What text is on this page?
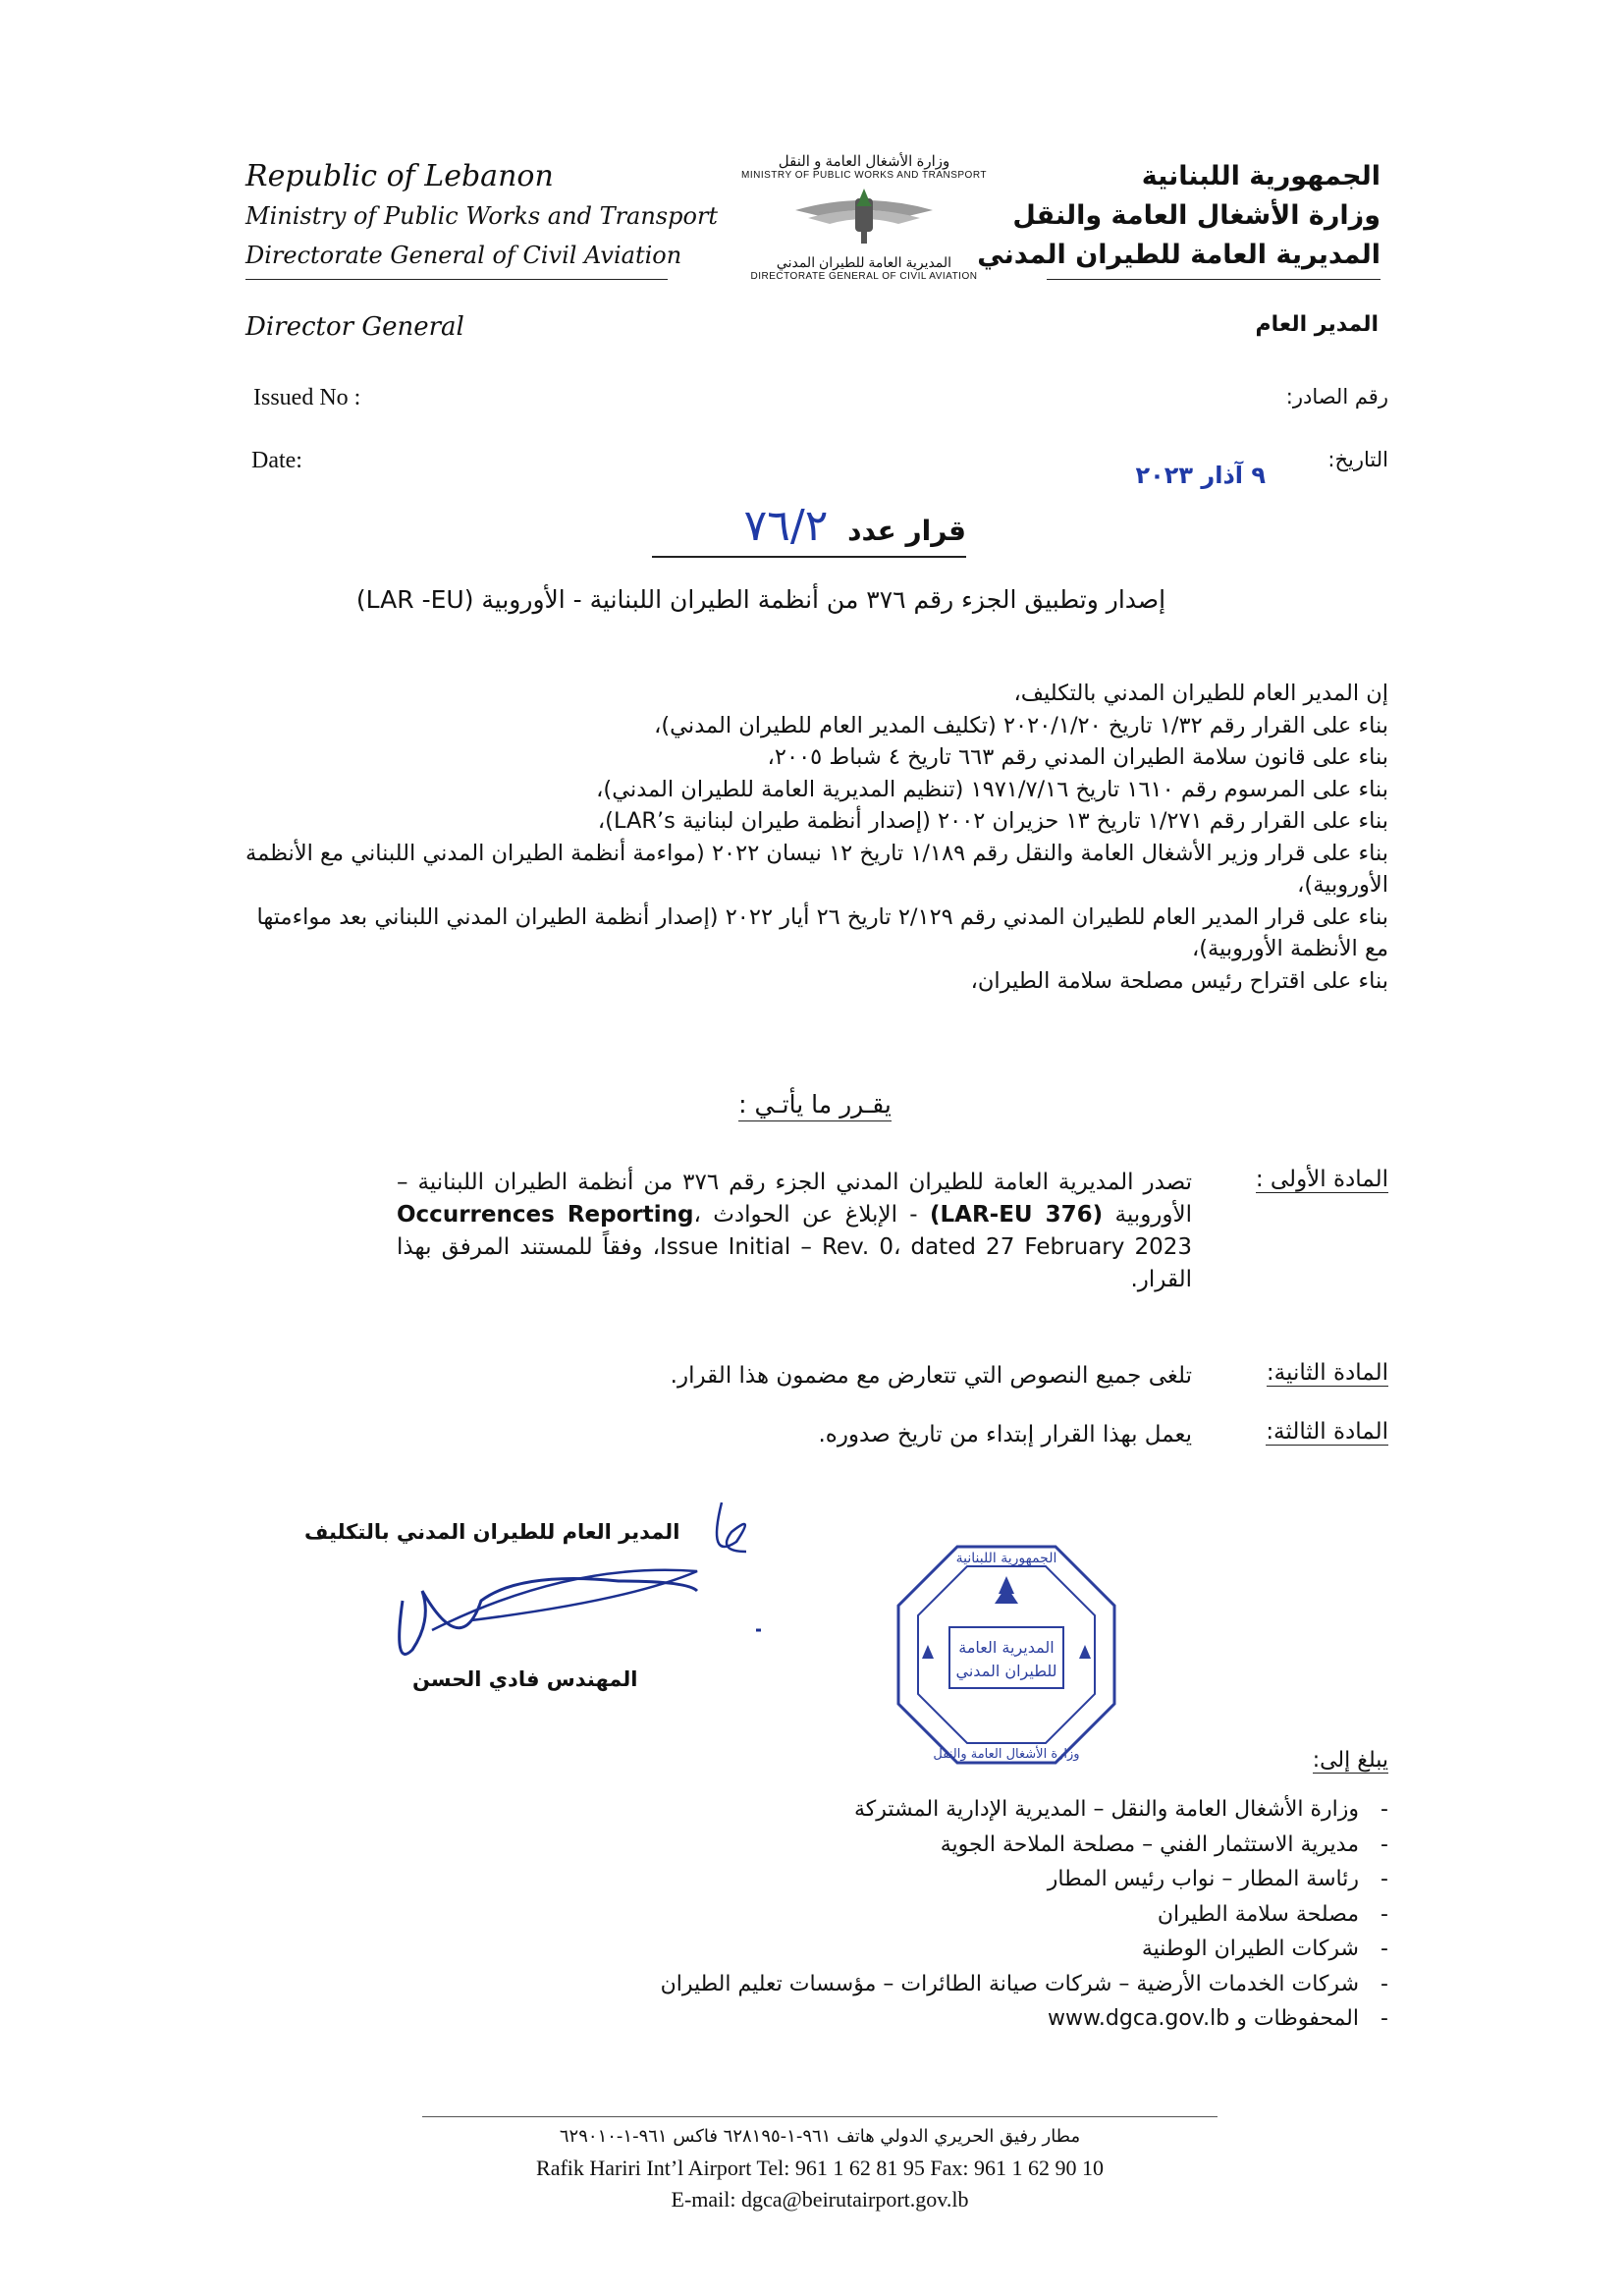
Republic of Lebanon
Ministry of Public Works and Transport
Directorate General of Civil Aviation
وزارة الأشغال العامة و النقل
MINISTRY OF PUBLIC WORKS AND TRANSPORT
المديرية العامة للطيران المدني
DIRECTORATE GENERAL OF CIVIL AVIATION
الجمهورية اللبنانية
وزارة الأشغال العامة والنقل
المديرية العامة للطيران المدني
Director General	المدير العام
Issued No :	رقم الصادر:
Date:	التاريخ:
٩ آذار ٢٠٢٣
قرار عدد ٧٦/٢
إصدار وتطبيق الجزء رقم ٣٧٦ من أنظمة الطيران اللبنانية - الأوروبية (LAR -EU)
إن المدير العام للطيران المدني بالتكليف،
بناء على القرار رقم ١/٣٢ تاريخ ٢٠٢٠/١/٢٠ (تكليف المدير العام للطيران المدني)،
بناء على قانون سلامة الطيران المدني رقم ٦٦٣ تاريخ ٤ شباط ٢٠٠٥،
بناء على المرسوم رقم ١٦١٠ تاريخ ١٩٧١/٧/١٦ (تنظيم المديرية العامة للطيران المدني)،
بناء على القرار رقم ١/٢٧١ تاريخ ١٣ حزيران ٢٠٠٢ (إصدار أنظمة طيران لبنانية LAR’s)،
بناء على قرار وزير الأشغال العامة والنقل رقم ١/١٨٩ تاريخ ١٢ نيسان ٢٠٢٢ (مواءمة أنظمة الطيران المدني اللبناني مع الأنظمة الأوروبية)،
بناء على قرار المدير العام للطيران المدني رقم ٢/١٢٩ تاريخ ٢٦ أيار ٢٠٢٢ (إصدار أنظمة الطيران المدني اللبناني بعد مواءمتها مع الأنظمة الأوروبية)،
بناء على اقتراح رئيس مصلحة سلامة الطيران،
يقـرر ما يأتـي :
المادة الأولى :
تصدر المديرية العامة للطيران المدني الجزء رقم ٣٧٦ من أنظمة الطيران اللبنانية – الأوروبية (LAR-EU 376) - الإبلاغ عن الحوادث Occurrences Reporting، Issue Initial – Rev. 0، dated 27 February 2023، وفقاً للمستند المرفق بهذا القرار.
المادة الثانية:
تلغى جميع النصوص التي تتعارض مع مضمون هذا القرار.
المادة الثالثة:
يعمل بهذا القرار إبتداء من تاريخ صدوره.
المدير العام للطيران المدني بالتكليف
المهندس فادي الحسن
المديرية العامة
للطيران المدني
الجمهورية اللبنانية
وزارة الأشغال العامة والنقل	يبلغ إلى:
- وزارة الأشغال العامة والنقل – المديرية الإدارية المشتركة
- مديرية الاستثمار الفني – مصلحة الملاحة الجوية
- رئاسة المطار – نواب رئيس المطار
- مصلحة سلامة الطيران
- شركات الطيران الوطنية
- شركات الخدمات الأرضية – شركات صيانة الطائرات – مؤسسات تعليم الطيران
- المحفوظات و www.dgca.gov.lb
مطار رفيق الحريري الدولي هاتف ٩٦١-١-٦٢٨١٩٥ فاكس ٩٦١-١-٦٢٩٠١٠
Rafik Hariri Int’l Airport Tel: 961 1 62 81 95 Fax: 961 1 62 90 10
E-mail: dgca@beirutairport.gov.lb
